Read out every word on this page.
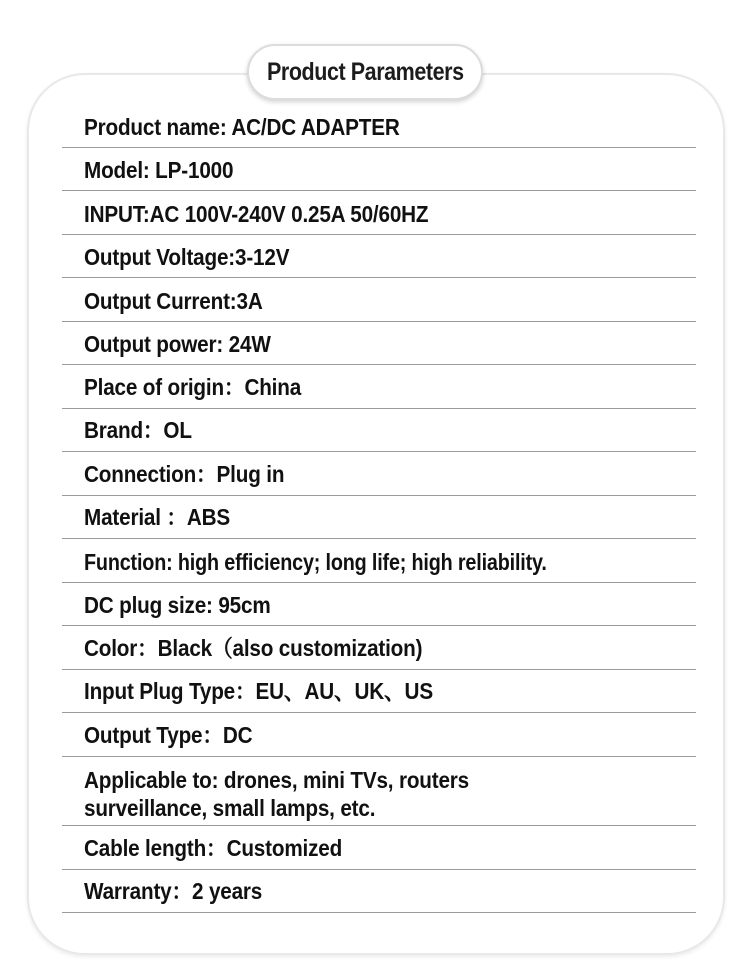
Product Parameters
Product name: AC/DC ADAPTER
Model: LP-1000
INPUT:AC 100V-240V 0.25A 50/60HZ
Output Voltage:3-12V
Output Current:3A
Output power: 24W
Place of origin：China
Brand：OL
Connection：Plug in
Material ：ABS
Function: high efficiency; long life; high reliability.
DC plug size: 95cm
Color：Black（also customization)
Input Plug Type：EU、AU、UK、US
Output Type：DC
Applicable to: drones, mini TVs, routers
surveillance, small lamps, etc.
Cable length：Customized
Warranty：2 years
